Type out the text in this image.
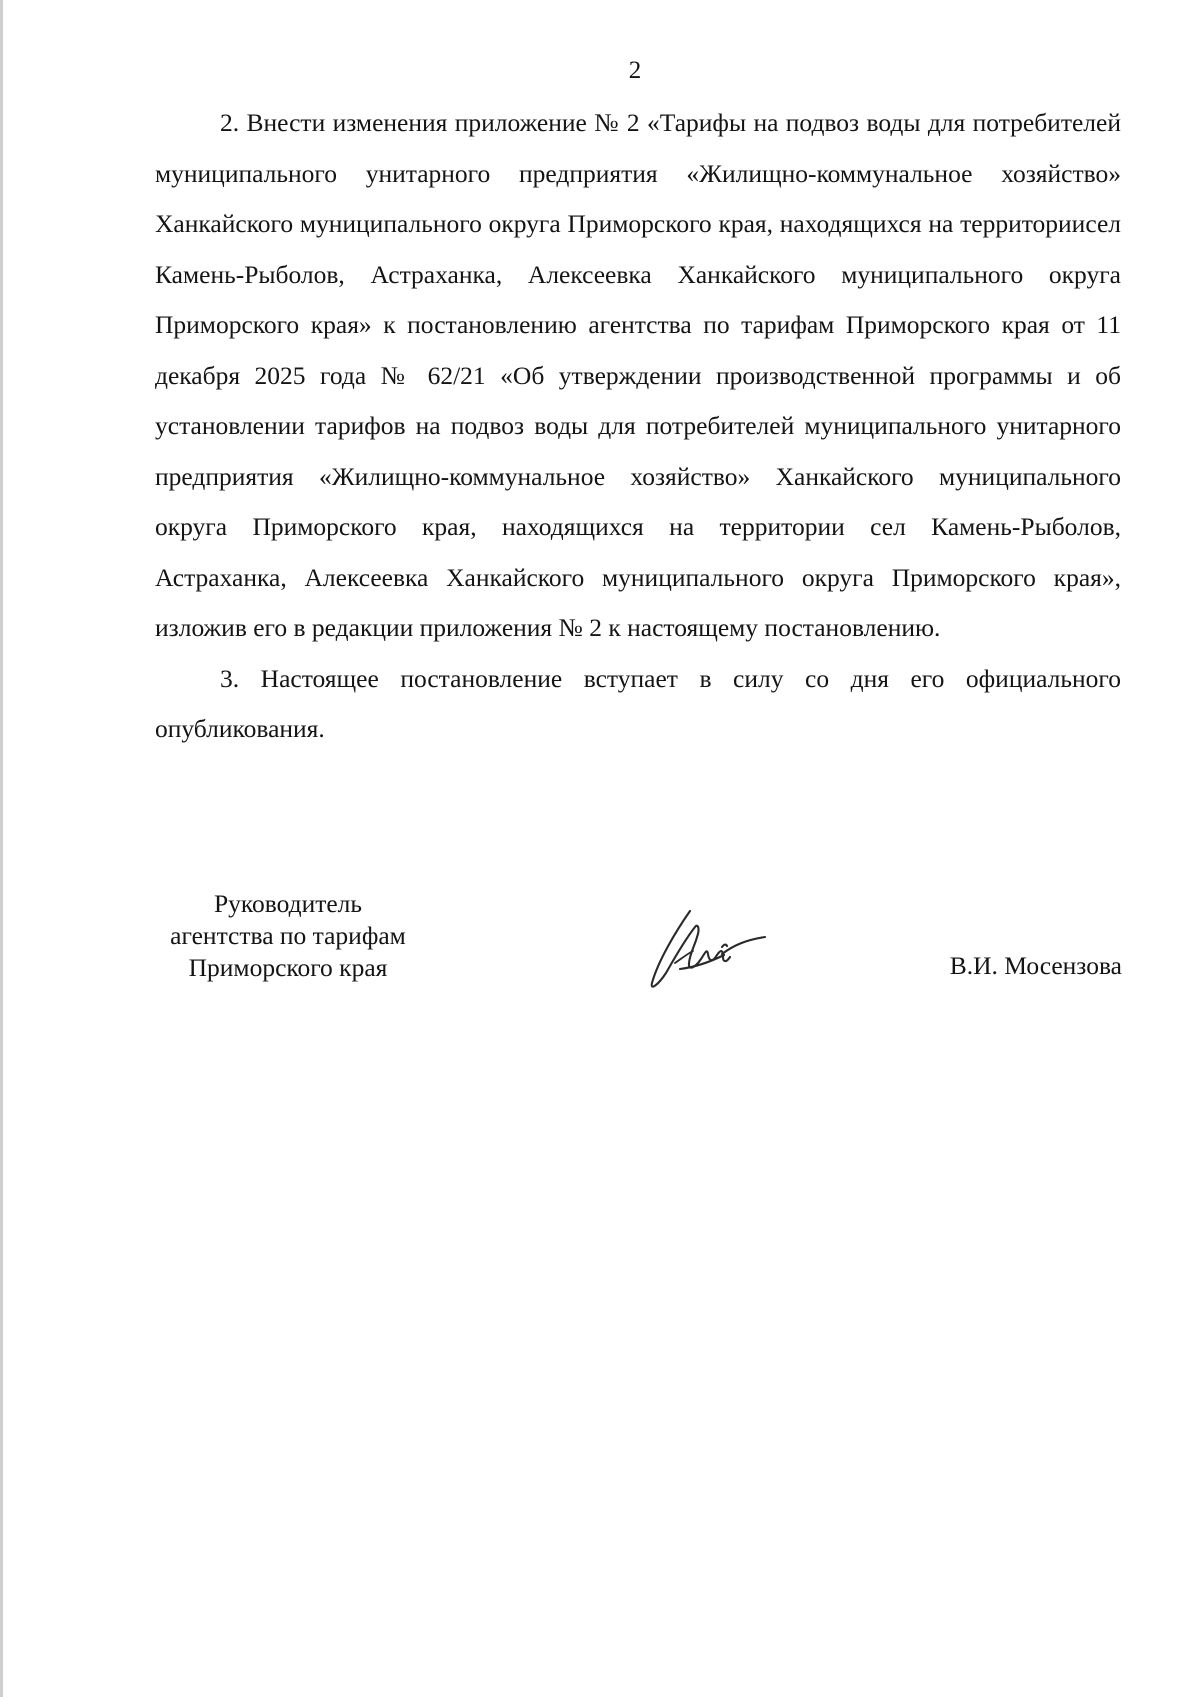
2

2. Внести изменения приложение № 2 «Тарифы на подвоз воды для потребителей муниципального унитарного предприятия «Жилищно-коммунальное хозяйство» Ханкайского муниципального округа Приморского края, находящихся на территориисел Камень-Рыболов, Астраханка, Алексеевка Ханкайского муниципального округа Приморского края» к постановлению агентства по тарифам Приморского края от 11 декабря 2025 года № 62/21 «Об утверждении производственной программы и об установлении тарифов на подвоз воды для потребителей муниципального унитарного предприятия «Жилищно-коммунальное хозяйство» Ханкайского муниципального округа Приморского края, находящихся на территории сел Камень-Рыболов, Астраханка, Алексеевка Ханкайского муниципального округа Приморского края», изложив его в редакции приложения № 2 к настоящему постановлению.

3. Настоящее постановление вступает в силу со дня его официального опубликования.

Руководитель
агентства по тарифам
Приморского края	В.И. Мосензова
